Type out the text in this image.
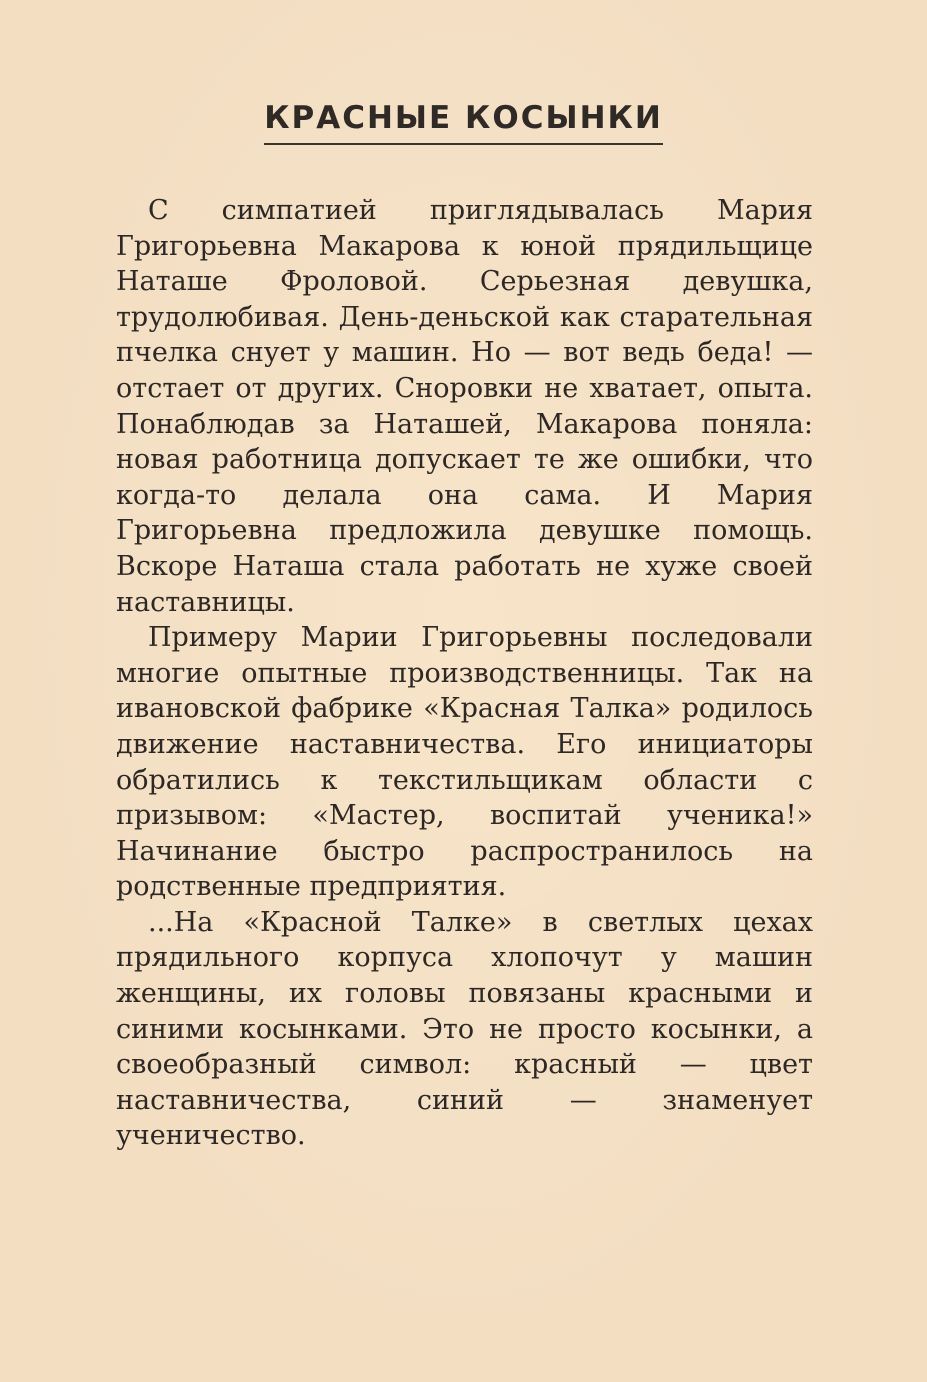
КРАСНЫЕ КОСЫНКИ

С симпатией приглядывалась Мария Григорьевна Макарова к юной прядильщице Наташе Фроловой. Серьезная девушка, трудолюбивая. День-деньской как старательная пчелка снует у машин. Но — вот ведь беда! — отстает от других. Сноровки не хватает, опыта. Понаблюдав за Наташей, Макарова поняла: новая работница допускает те же ошибки, что когда-то делала она сама. И Мария Григорьевна предложила девушке помощь. Вскоре Наташа стала работать не хуже своей наставницы.

Примеру Марии Григорьевны последовали многие опытные производственницы. Так на ивановской фабрике «Красная Талка» родилось движение наставничества. Его инициаторы обратились к текстильщикам области с призывом: «Мастер, воспитай ученика!» Начинание быстро распространилось на родственные предприятия.

...На «Красной Талке» в светлых цехах прядильного корпуса хлопочут у машин женщины, их головы повязаны красными и синими косынками. Это не просто косынки, а своеобразный символ: красный — цвет наставничества, синий — знаменует ученичество.
